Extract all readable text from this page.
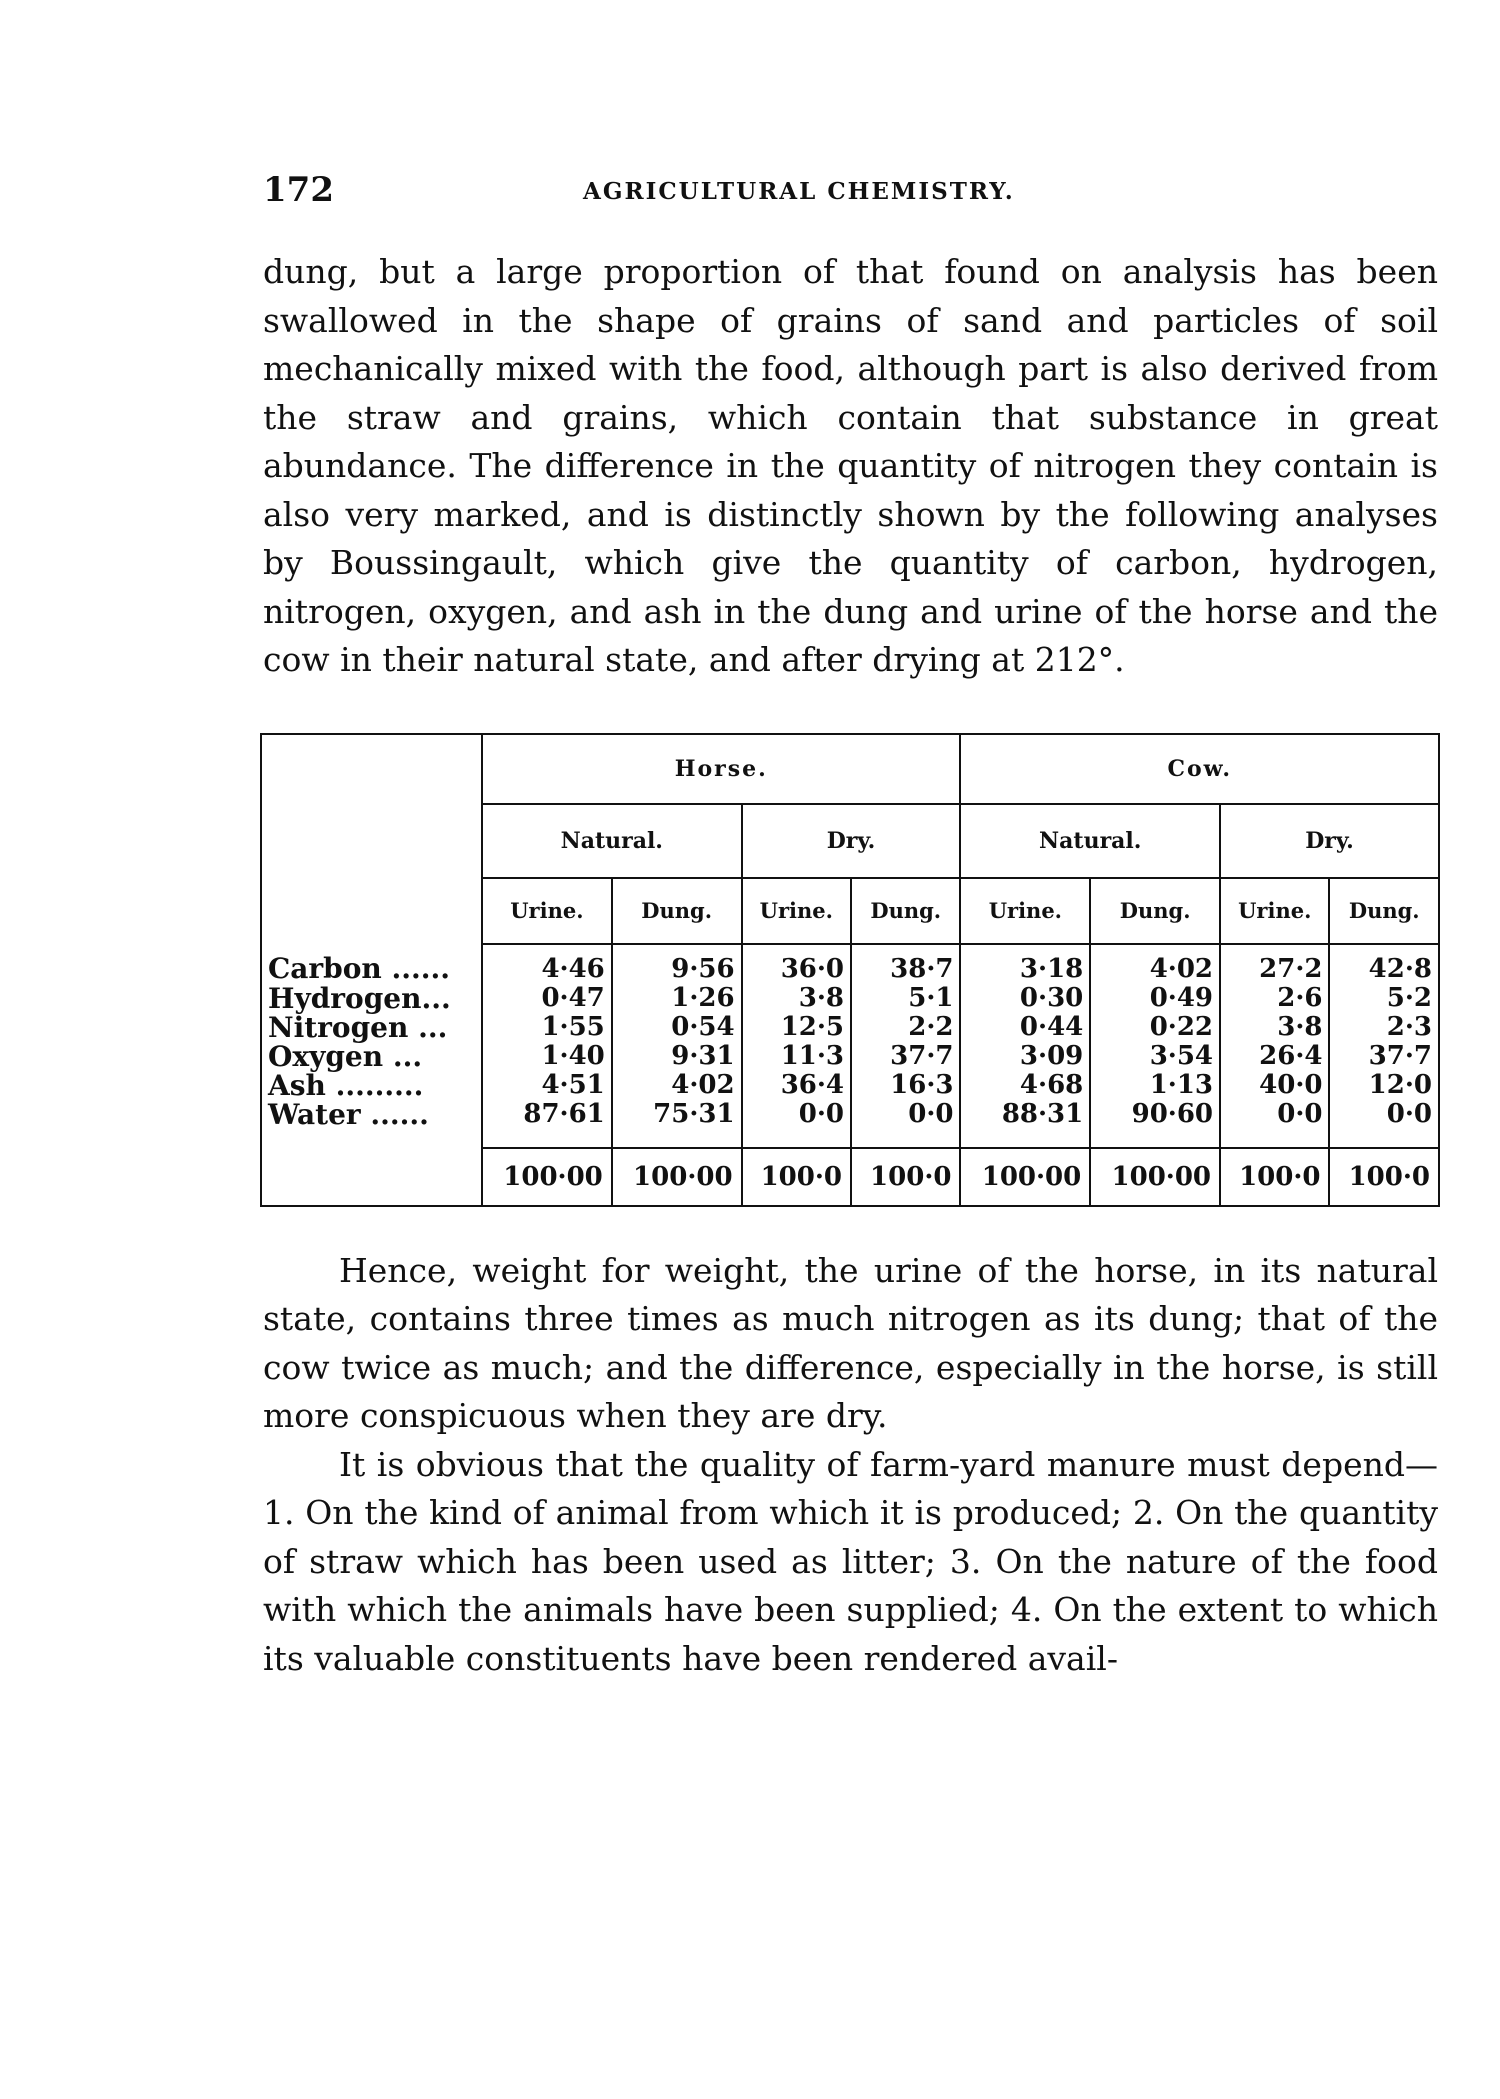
172	AGRICULTURAL CHEMISTRY.

dung, but a large proportion of that found on analysis has been swallowed in the shape of grains of sand and particles of soil mechanically mixed with the food, although part is also derived from the straw and grains, which contain that substance in great abundance. The difference in the quantity of nitrogen they contain is also very marked, and is distinctly shown by the following analyses by Boussingault, which give the quantity of carbon, hydrogen, nitrogen, oxygen, and ash in the dung and urine of the horse and the cow in their natural state, and after drying at 212°.

	Horse.				Cow.			
	Natural.		Dry.		Natural.		Dry.	
	Urine.	Dung.	Urine.	Dung.	Urine.	Dung.	Urine.	Dung.
Carbon ......	4·46	9·56	36·0	38·7	3·18	4·02	27·2	42·8
Hydrogen...	0·47	1·26	3·8	5·1	0·30	0·49	2·6	5·2
Nitrogen ...	1·55	0·54	12·5	2·2	0·44	0·22	3·8	2·3
Oxygen ...	1·40	9·31	11·3	37·7	3·09	3·54	26·4	37·7
Ash .........	4·51	4·02	36·4	16·3	4·68	1·13	40·0	12·0
Water ......	87·61	75·31	0·0	0·0	88·31	90·60	0·0	0·0
	100·00	100·00	100·0	100·0	100·00	100·00	100·0	100·0

Hence, weight for weight, the urine of the horse, in its natural state, contains three times as much nitrogen as its dung; that of the cow twice as much; and the difference, especially in the horse, is still more conspicuous when they are dry.

It is obvious that the quality of farm-yard manure must depend—1. On the kind of animal from which it is produced; 2. On the quantity of straw which has been used as litter; 3. On the nature of the food with which the animals have been supplied; 4. On the extent to which its valuable constituents have been rendered avail-
